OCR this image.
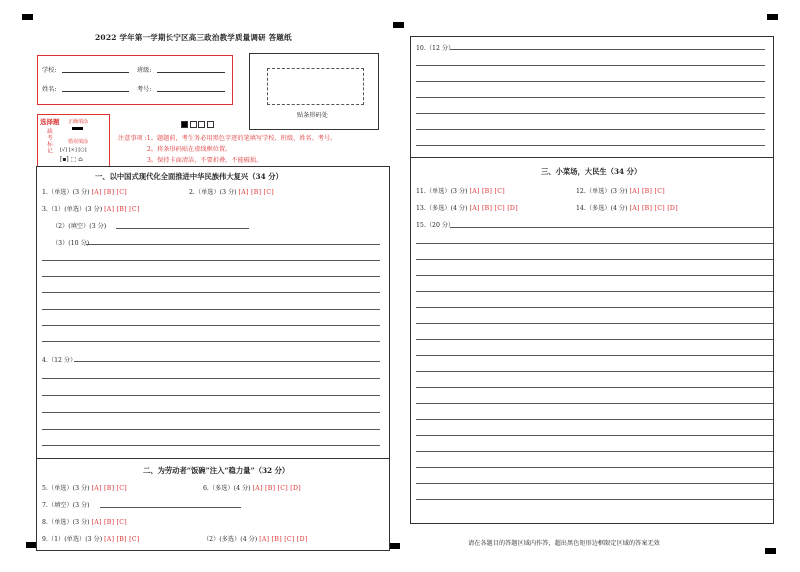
2022 学年第一学期长宁区高三政治教学质量调研 答题纸
学校:	班级:
姓名:	考号:
贴条形码处
选择题 正确填涂
错误填涂
[√] [×] [○]
缺考标记
[▪] ⬚ ⌂
注意事项 :1。题题前，考生务必用黑色字迹的笔填写学校、班级、姓名、考号。
2。将条形码贴在虚线框位置。
3。保持卡面清洁，不要折叠，不能破损。
一、以中国式现代化全面推进中华民族伟大复兴（34 分）
1.（单选）(3 分) [A] [B] [C]	2.（单选）(3 分) [A] [B] [C]
3.（1）(单选）(3 分) [A] [B] [C]
（2）(填空）(3 分)
（3）(10 分)
4.（12 分）
二、为劳动者“饭碗”注入“稳力量”（32 分）
5.（单选）(3 分) [A] [B] [C]	6.（多选）(4 分) [A] [B] [C] [D]
7.（填空）(3 分)
8.（单选）(3 分) [A] [B] [C]
9.（1）(单选）(3 分) [A] [B] [C]	（2）(多选）(4 分) [A] [B] [C] [D]
10.（12 分）
三、小菜场，大民生（34 分）
11.（单选）(3 分) [A] [B] [C]	12.（单选）(3 分) [A] [B] [C]
13.（多选）(4 分) [A] [B] [C] [D]	14.（多选）(4 分) [A] [B] [C] [D]
15.（20 分）
请在各题目的答题区域内作答，超出黑色矩形边框限定区域的答案无效
